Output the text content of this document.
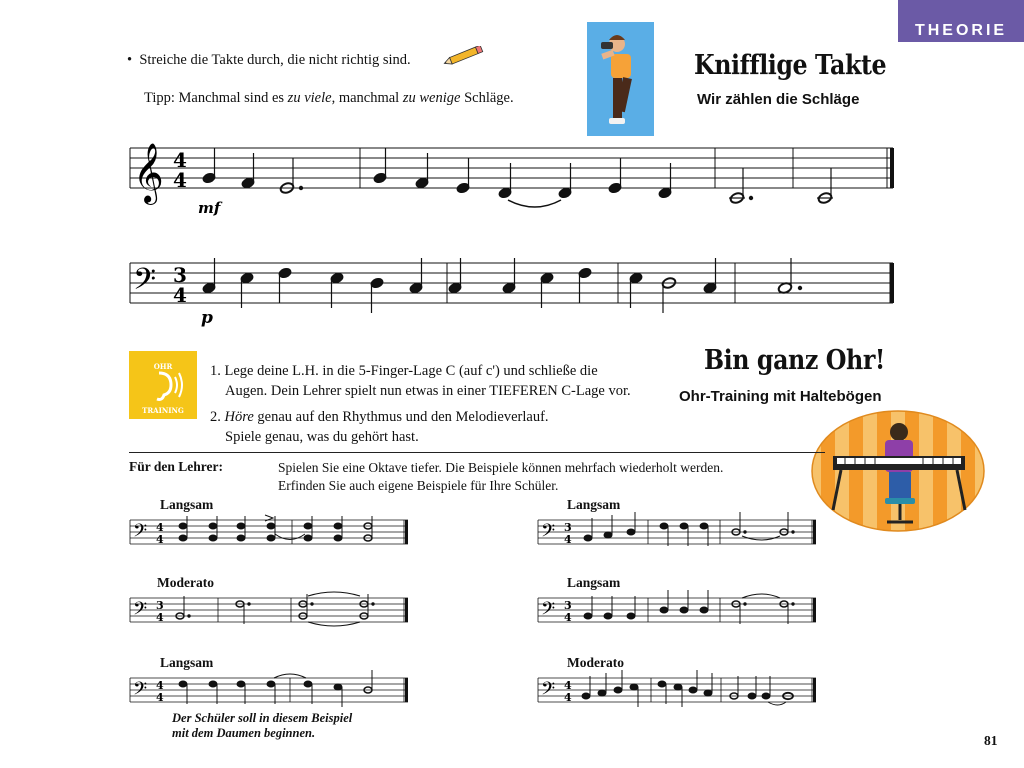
THEORIE
• Streiche die Takte durch, die nicht richtig sind.
Tipp: Manchmal sind es zu viele, manchmal zu wenige Schläge.
Knifflige Takte
Wir zählen die Schläge
𝄞 4
4
mf
𝄢 3
4
p
OHR
TRAINING
1. Lege deine L.H. in die 5-Finger-Lage C (auf c') und schließe die
Augen. Dein Lehrer spielt nun etwas in einer TIEFEREN C-Lage vor.
2. Höre genau auf den Rhythmus und den Melodieverlauf.
Spiele genau, was du gehört hast.
Bin ganz Ohr!
Ohr-Training mit Haltebögen
Für den Lehrer:	Spielen Sie eine Oktave tiefer. Die Beispiele können mehrfach wiederholt werden.
Erfinden Sie auch eigene Beispiele für Ihre Schüler.
Langsam
𝄢 4
4
Langsam
𝄢 3
4
Moderato
𝄢 3
4
Langsam
𝄢 3
4
Langsam
𝄢 4
4
Der Schüler soll in diesem Beispiel
mit dem Daumen beginnen.
Moderato
𝄢 4
4
81
